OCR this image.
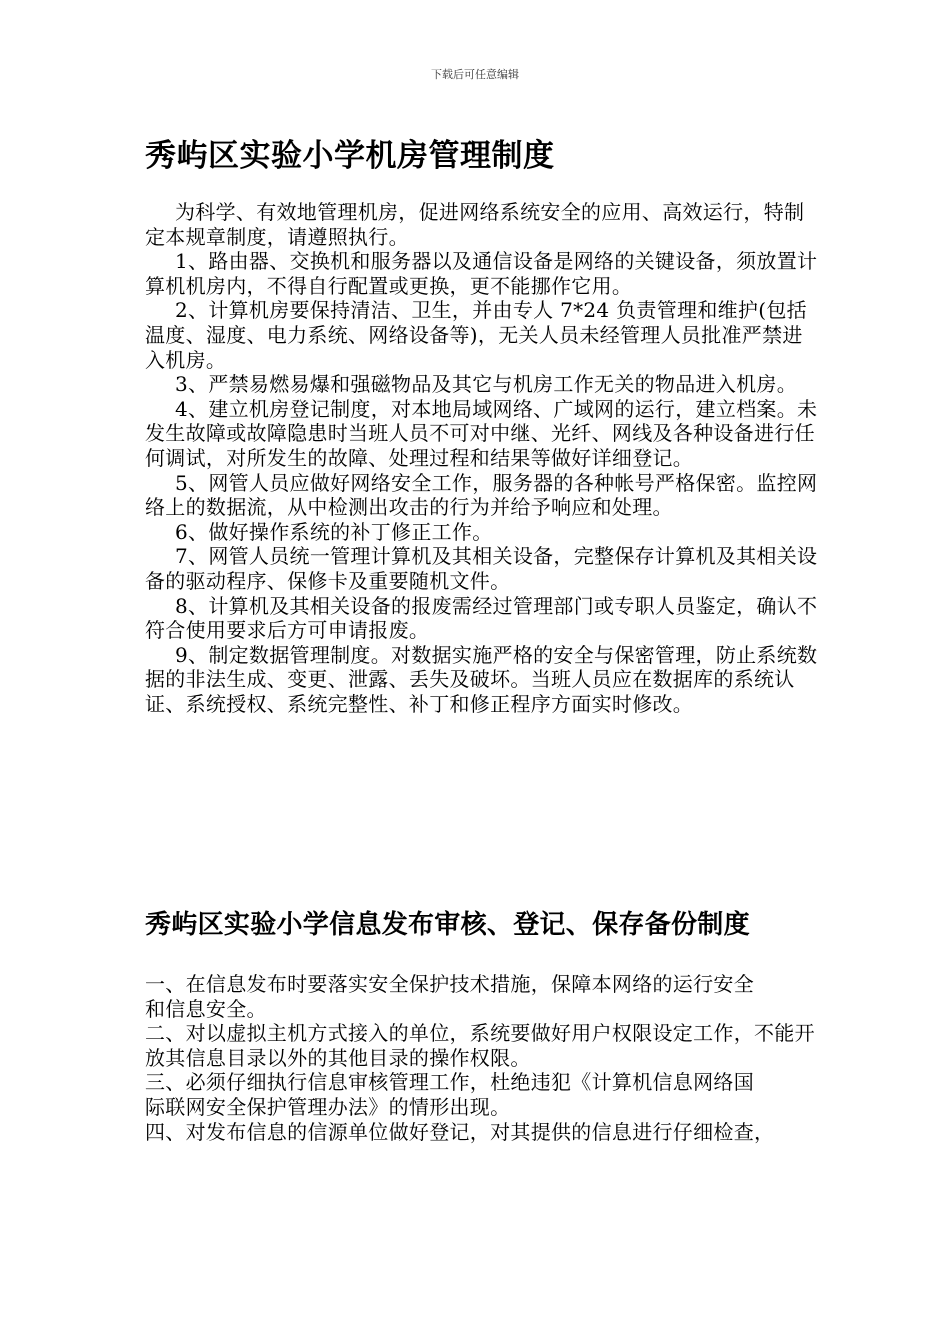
下载后可任意编辑
秀屿区实验小学机房管理制度

为科学、有效地管理机房，促进网络系统安全的应用、高效运行，特制定本规章制度，请遵照执行。

1、路由器、交换机和服务器以及通信设备是网络的关键设备，须放置计算机机房内，不得自行配置或更换，更不能挪作它用。

2、计算机房要保持清洁、卫生，并由专人 7*24 负责管理和维护(包括温度、湿度、电力系统、网络设备等)，无关人员未经管理人员批准严禁进入机房。

3、严禁易燃易爆和强磁物品及其它与机房工作无关的物品进入机房。

4、建立机房登记制度，对本地局域网络、广域网的运行，建立档案。未发生故障或故障隐患时当班人员不可对中继、光纤、网线及各种设备进行任何调试，对所发生的故障、处理过程和结果等做好详细登记。

5、网管人员应做好网络安全工作，服务器的各种帐号严格保密。监控网络上的数据流，从中检测出攻击的行为并给予响应和处理。

6、做好操作系统的补丁修正工作。

7、网管人员统一管理计算机及其相关设备，完整保存计算机及其相关设备的驱动程序、保修卡及重要随机文件。

8、计算机及其相关设备的报废需经过管理部门或专职人员鉴定，确认不符合使用要求后方可申请报废。

9、制定数据管理制度。对数据实施严格的安全与保密管理，防止系统数据的非法生成、变更、泄露、丢失及破坏。当班人员应在数据库的系统认证、系统授权、系统完整性、补丁和修正程序方面实时修改。

秀屿区实验小学信息发布审核、登记、保存备份制度

一、在信息发布时要落实安全保护技术措施，保障本网络的运行安全

和信息安全。

二、对以虚拟主机方式接入的单位，系统要做好用户权限设定工作，不能开放其信息目录以外的其他目录的操作权限。

三、必须仔细执行信息审核管理工作，杜绝违犯《计算机信息网络国

际联网安全保护管理办法》的情形出现。

四、对发布信息的信源单位做好登记，对其提供的信息进行仔细检查，
